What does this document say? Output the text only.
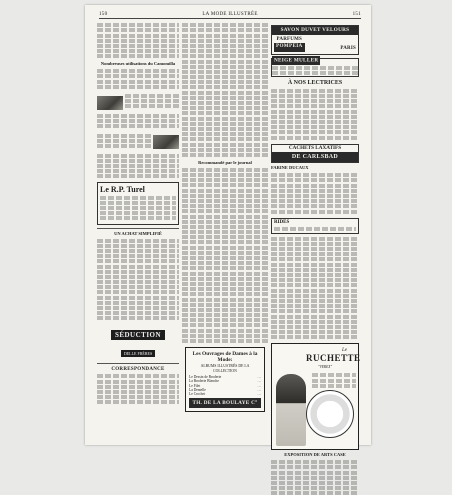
150	LA MODE ILLUSTRÉE	151
Nombreuses utilisations du Camomilla
Le R.P. Turel
UN ACHAT SIMPLIFIÉ
SÉDUCTION
DELLE FRÈRES
CORRESPONDANCE
Recommandé par le journal
Les Ouvrages de Dames à la Mode:
ALBUMS ILLUSTRÉS DE LA COLLECTION
Le Dessin de Broderie	…
La Broderie Blanche	…
Le Filet	…
La Dentelle	…
Le Crochet	…
TH. DE LA BOULAYE C°
SAVON DUVET VELOURS
PARFUMS
POMPÉIA	PARIS
NEIGE MULLER
À NOS LECTRICES
CACHETS LAXATIFS
DE CARLSBAD
FARINE DUCAUX
RIDES
Le
RUCHETTE
"VEREX"
EXPOSITION DE ARTS CASE
